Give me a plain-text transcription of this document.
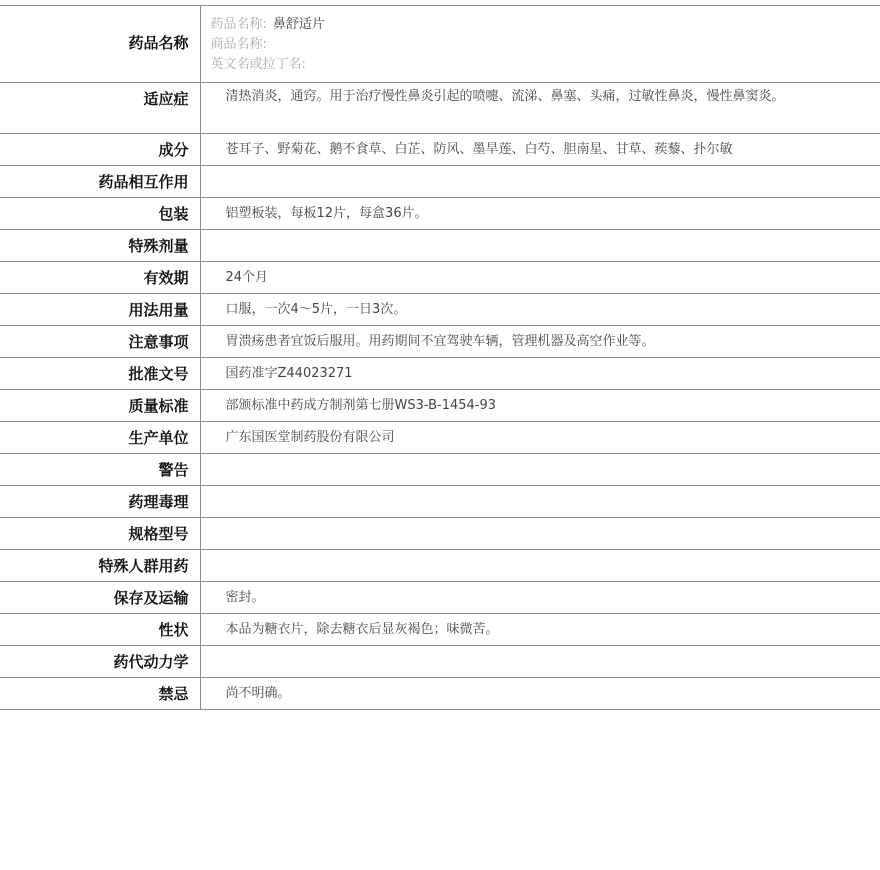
药品名称	药品名称: 鼻舒适片
商品名称:
英文名或拉丁名:

适应症	清热消炎，通窍。用于治疗慢性鼻炎引起的喷嚏、流涕、鼻塞、头痛，过敏性鼻炎，慢性鼻窦炎。
成分	苍耳子、野菊花、鹅不食草、白芷、防风、墨旱莲、白芍、胆南星、甘草、蒺藜、扑尔敏
药品相互作用	
包装	铝塑板装，每板12片，每盒36片。
特殊剂量	
有效期	24个月
用法用量	口服，一次4～5片，一日3次。
注意事项	胃溃疡患者宜饭后服用。用药期间不宜驾驶车辆，管理机器及高空作业等。
批准文号	国药准字Z44023271
质量标准	部颁标准中药成方制剂第七册WS3-B-1454-93
生产单位	广东国医堂制药股份有限公司
警告	
药理毒理	
规格型号	
特殊人群用药	
保存及运输	密封。
性状	本品为糖衣片，除去糖衣后显灰褐色；味微苦。
药代动力学	
禁忌	尚不明确。
